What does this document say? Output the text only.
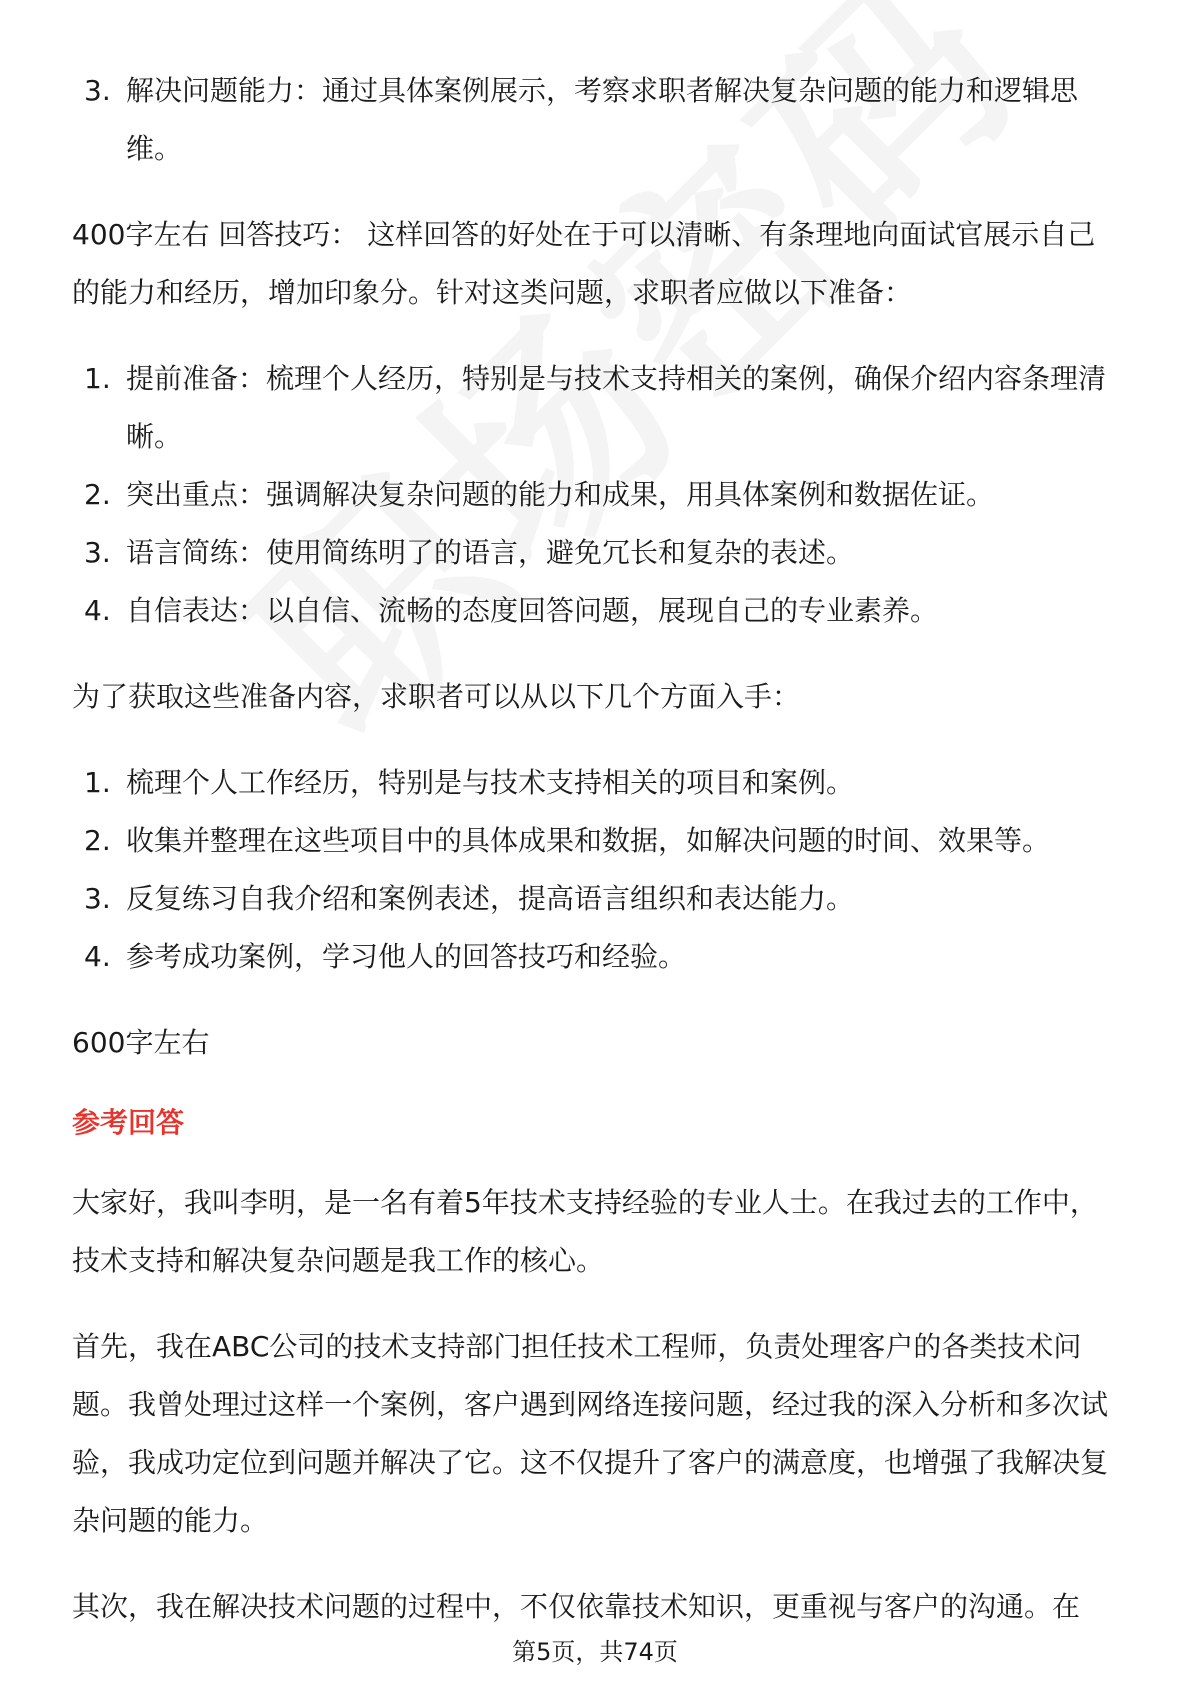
3. 解决问题能力：通过具体案例展示，考察求职者解决复杂问题的能力和逻辑思维。

400字左右 回答技巧： 这样回答的好处在于可以清晰、有条理地向面试官展示自己的能力和经历，增加印象分。针对这类问题，求职者应做以下准备：

1. 提前准备：梳理个人经历，特别是与技术支持相关的案例，确保介绍内容条理清晰。
2. 突出重点：强调解决复杂问题的能力和成果，用具体案例和数据佐证。
3. 语言简练：使用简练明了的语言，避免冗长和复杂的表述。
4. 自信表达：以自信、流畅的态度回答问题，展现自己的专业素养。

为了获取这些准备内容，求职者可以从以下几个方面入手：

1. 梳理个人工作经历，特别是与技术支持相关的项目和案例。
2. 收集并整理在这些项目中的具体成果和数据，如解决问题的时间、效果等。
3. 反复练习自我介绍和案例表述，提高语言组织和表达能力。
4. 参考成功案例，学习他人的回答技巧和经验。

600字左右

参考回答

大家好，我叫李明，是一名有着5年技术支持经验的专业人士。在我过去的工作中，技术支持和解决复杂问题是我工作的核心。

首先，我在ABC公司的技术支持部门担任技术工程师，负责处理客户的各类技术问题。我曾处理过这样一个案例，客户遇到网络连接问题，经过我的深入分析和多次试验，我成功定位到问题并解决了它。这不仅提升了客户的满意度，也增强了我解决复杂问题的能力。

其次，我在解决技术问题的过程中，不仅依靠技术知识，更重视与客户的沟通。在

第5页，共74页
